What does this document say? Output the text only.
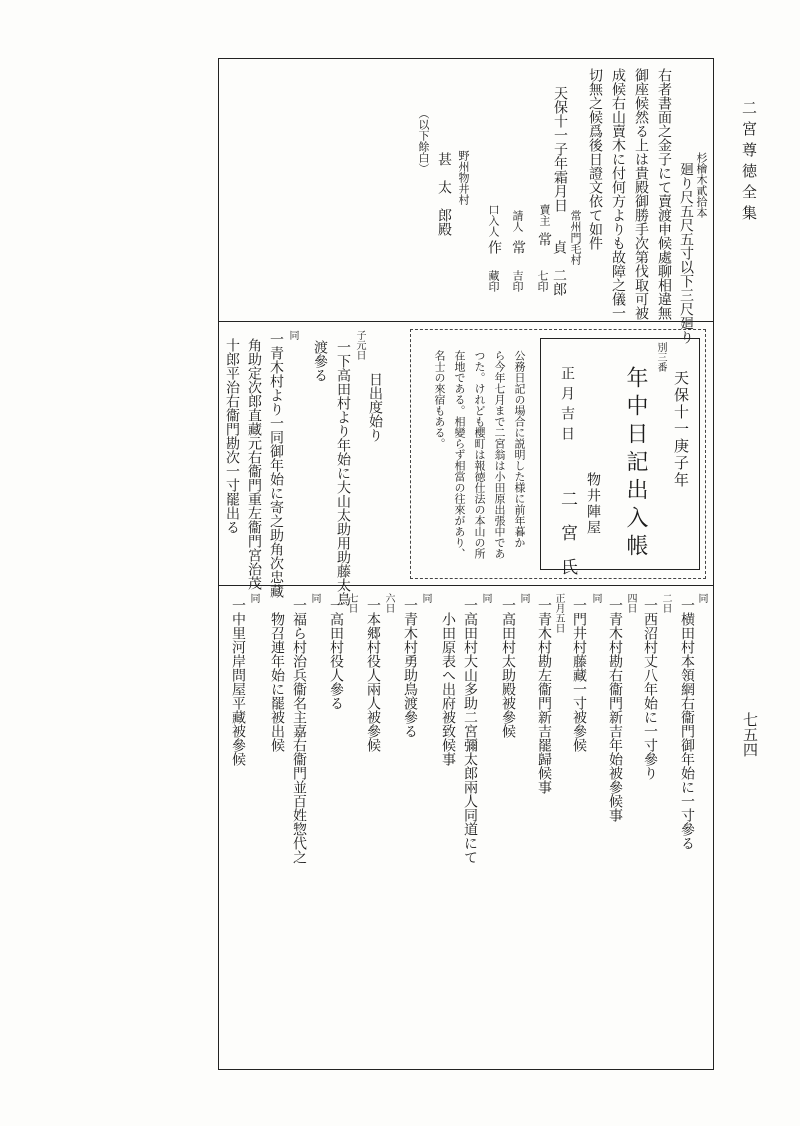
二宮尊徳全集
七五四
杉檜木貳拾本
廻り尺五尺五寸以下三尺廻り
右者書面之金子にて賣渡申候處聊相違無
御座候然る上は貴殿御勝手次第伐取可被
成候右山賣木に付何方よりも故障之儀一
切無之候爲後日證文依て如件
常州門毛村
天保十一子年霜月日
賣主
常
貞
二郎
七印
請人
常
吉印
口入人
作
藏印
野州物井村
甚　太　郎殿
（以下餘白）
天保十一庚子年
別三番
年中日記出入帳
物井陣屋
正月吉日
二　宮　氏
公務日記の場合に説明した様に前年暮か
ら今年七月まで二宮翁は小田原出張中であ
つた。けれども櫻町は報徳仕法の本山の所
在地である。相變らず相當の往來があり、
名士の來宿もある。
日出度始り
子元日
一下高田村より年始に大山太助用助藤太鳥
渡參る
同
一青木村より一同御年始に寄之助角次忠藏
角助定次郎直藏元右衞門重左衞門宮治茂
十郎平治右衞門勘次一寸罷出る
同
一横田村本領網右衞門御年始に一寸參る
二日
一西沼村丈八年始に一寸參り
四日
一青木村勘右衞門新吉年始被參候事
同
一門井村藤藏一寸被參候
正月五日
一青木村勘左衞門新吉罷歸候事
同
一高田村太助殿被參候
同
一高田村大山多助二宮彌太郎兩人同道にて
小田原表へ出府被致候事
同
一青木村勇助鳥渡參る
六日
一本郷村役人兩人被參候
七日
一高田村役人參る
同
一福ら村治兵衞名主嘉右衞門並百姓惣代之
物召連年始に罷被出候
同
一中里河岸問屋平藏被參候
